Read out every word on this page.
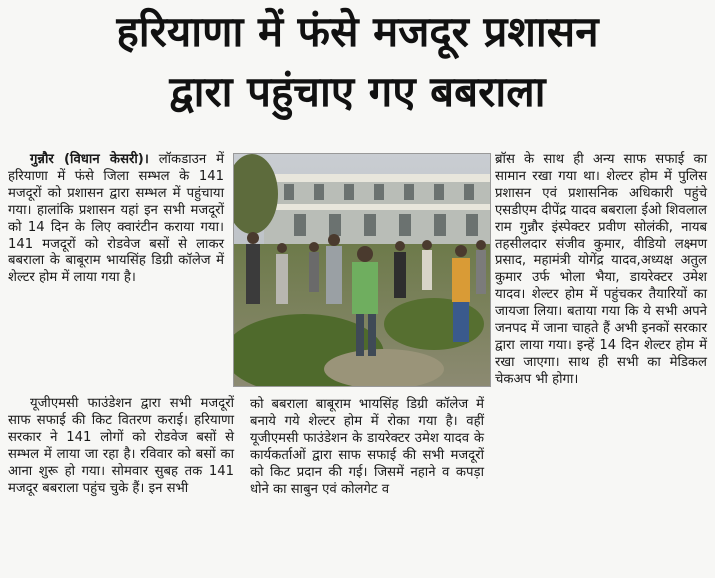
हरियाणा में फंसे मजदूर प्रशासन
द्वारा पहुंचाए गए बबराला

गुन्नौर (विधान केसरी)। लॉकडाउन में हरियाणा में फंसे जिला सम्भल के 141 मजदूरों को प्रशासन द्वारा सम्भल में पहुंचाया गया। हालांकि प्रशासन यहां इन सभी मजदूरों को 14 दिन के लिए क्वारंटीन कराया गया। 141 मजदूरों को रोडवेज बसों से लाकर बबराला के बाबूराम भायसिंह डिग्री कॉलेज में शेल्टर होम में लाया गया है।

यूजीएमसी फाउंडेशन द्वारा सभी मजदूरों साफ सफाई की किट वितरण कराई। हरियाणा सरकार ने 141 लोगों को रोडवेज बसों से सम्भल में लाया जा रहा है। रविवार को बसों का आना शुरू हो गया। सोमवार सुबह तक 141 मजदूर बबराला पहुंच चुके हैं। इन सभी

को बबराला बाबूराम भायसिंह डिग्री कॉलेज में बनाये गये शेल्टर होम में रोका गया है। वहीं यूजीएमसी फाउंडेशन के डायरेक्टर उमेश यादव के कार्यकर्ताओं द्वारा साफ सफाई की सभी मजदूरों को किट प्रदान की गई। जिसमें नहाने व कपड़ा धोने का साबुन एवं कोलगेट व

ब्रॉस के साथ ही अन्य साफ सफाई का सामान रखा गया था। शेल्टर होम में पुलिस प्रशासन एवं प्रशासनिक अधिकारी पहुंचे एसडीएम दीपेंद्र यादव बबराला ईओ शिवलाल राम गुन्नौर इंस्पेक्टर प्रवीण सोलंकी, नायब तहसीलदार संजीव कुमार, वीडियो लक्ष्मण प्रसाद, महामंत्री योगेंद्र यादव,अध्यक्ष अतुल कुमार उर्फ भोला भैया, डायरेक्टर उमेश यादव। शेल्टर होम में पहुंचकर तैयारियों का जायजा लिया। बताया गया कि ये सभी अपने जनपद में जाना चाहते हैं अभी इनकों सरकार द्वारा लाया गया। इन्हें 14 दिन शेल्टर होम में रखा जाएगा। साथ ही सभी का मेडिकल चेकअप भी होगा।
